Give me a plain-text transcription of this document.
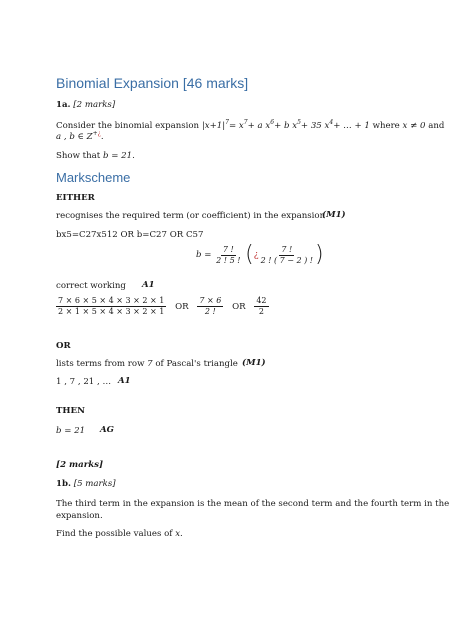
Binomial Expansion [46 marks]
1a. [2 marks]
Consider the binomial expansion $|x+1|^7= x^7+ a$ $x^6+ b$ $x^5+ 35$ $x^4+$ … + 1 where x ≠ 0 and
a , b ∈ Z+¿.
Show that b = 21.
Markscheme
EITHER
recognises the required term (or coefficient) in the expansion
(M1)
bx5=C27x512 OR b=C27 OR C57
$b = \frac{7 !}{2 ! 5 !}$ (¿ $\frac{7 !}{2 ! ( 7 - 2 ) !}$ )
correct working A1
$\frac{7 \times 6 \times 5 \times 4 \times 3 \times 2 \times 1}{2 \times 1 \times 5 \times 4 \times 3 \times 2 \times 1}$ OR $\frac{7 \times 6}{2 !}$ OR $\frac{42}{2}$
OR
lists terms from row 7 of Pascal's triangle (M1)
1 , 7 , 21 , … A1
THEN
b = 21 AG
[2 marks]
1b. [5 marks]
The third term in the expansion is the mean of the second term and the fourth term in the
expansion.
Find the possible values of x.
